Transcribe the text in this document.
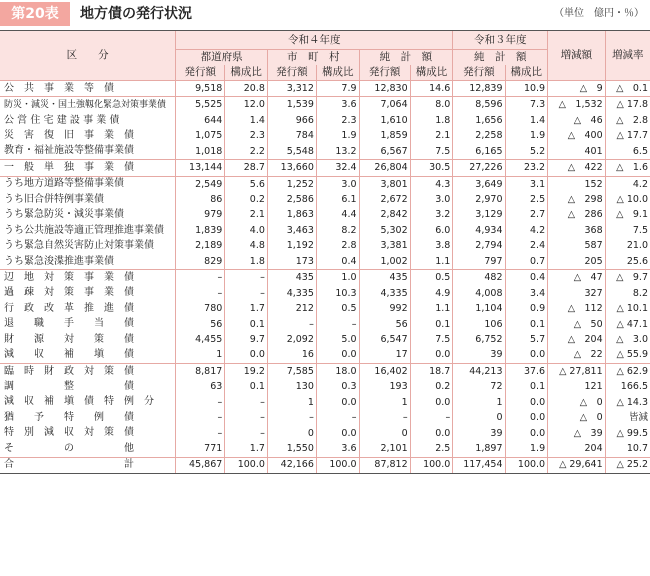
第20表	地方債の発行状況	（単位　億円・％）
区　　分	令和４年度						令和３年度		増減額	増減率
	都道府県		市　町　村		純　計　額		純　計　額			
	発行額	構成比	発行額	構成比	発行額	構成比	発行額	構成比		
公　共　事　業　等　債	9,518	20.8	3,312	7.9	12,830	14.6	12,839	10.9	△　9	△　0.1
防災・減災・国土強靱化緊急対策事業債	5,525	12.0	1,539	3.6	7,064	8.0	8,596	7.3	△　1,532	△ 17.8
公 営 住 宅 建 設 事 業 債	644	1.4	966	2.3	1,610	1.8	1,656	1.4	△　46	△　2.8
災　害　復　旧　事　業　債	1,075	2.3	784	1.9	1,859	2.1	2,258	1.9	△　400	△ 17.7
教育・福祉施設等整備事業債	1,018	2.2	5,548	13.2	6,567	7.5	6,165	5.2	401	6.5
一　般　単　独　事　業　債	13,144	28.7	13,660	32.4	26,804	30.5	27,226	23.2	△　422	△　1.6
うち地方道路等整備事業債	2,549	5.6	1,252	3.0	3,801	4.3	3,649	3.1	152	4.2
うち旧合併特例事業債	86	0.2	2,586	6.1	2,672	3.0	2,970	2.5	△　298	△ 10.0
うち緊急防災・減災事業債	979	2.1	1,863	4.4	2,842	3.2	3,129	2.7	△　286	△　9.1
うち公共施設等適正管理推進事業債	1,839	4.0	3,463	8.2	5,302	6.0	4,934	4.2	368	7.5
うち緊急自然災害防止対策事業債	2,189	4.8	1,192	2.8	3,381	3.8	2,794	2.4	587	21.0
うち緊急浚渫推進事業債	829	1.8	173	0.4	1,002	1.1	797	0.7	205	25.6
辺　地　対　策　事　業　債	–	–	435	1.0	435	0.5	482	0.4	△　47	△　9.7
過　疎　対　策　事　業　債	–	–	4,335	10.3	4,335	4.9	4,008	3.4	327	8.2
行　政　改　革　推　進　債	780	1.7	212	0.5	992	1.1	1,104	0.9	△　112	△ 10.1
退　　職　　手　　当　　債	56	0.1	–	–	56	0.1	106	0.1	△　50	△ 47.1
財　　源　　対　　策　　債	4,455	9.7	2,092	5.0	6,547	7.5	6,752	5.7	△　204	△　3.0
減　　収　　補　　塡　　債	1	0.0	16	0.0	17	0.0	39	0.0	△　22	△ 55.9
臨　時　財　政　対　策　債	8,817	19.2	7,585	18.0	16,402	18.7	44,213	37.6	△ 27,811	△ 62.9
調　　　　　整　　　　　債	63	0.1	130	0.3	193	0.2	72	0.1	121	166.5
減　収　補　塡　債　特　例　分	–	–	1	0.0	1	0.0	1	0.0	△　0	△ 14.3
猶　　予　　特　　例　　債	–	–	–	–	–	–	0	0.0	△　0	皆減
特　別　減　収　対　策　債	–	–	0	0.0	0	0.0	39	0.0	△　39	△ 99.5
そ　　　　　の　　　　　他	771	1.7	1,550	3.6	2,101	2.5	1,897	1.9	204	10.7
合　　　　　　　　　　　計	45,867	100.0	42,166	100.0	87,812	100.0	117,454	100.0	△ 29,641	△ 25.2
